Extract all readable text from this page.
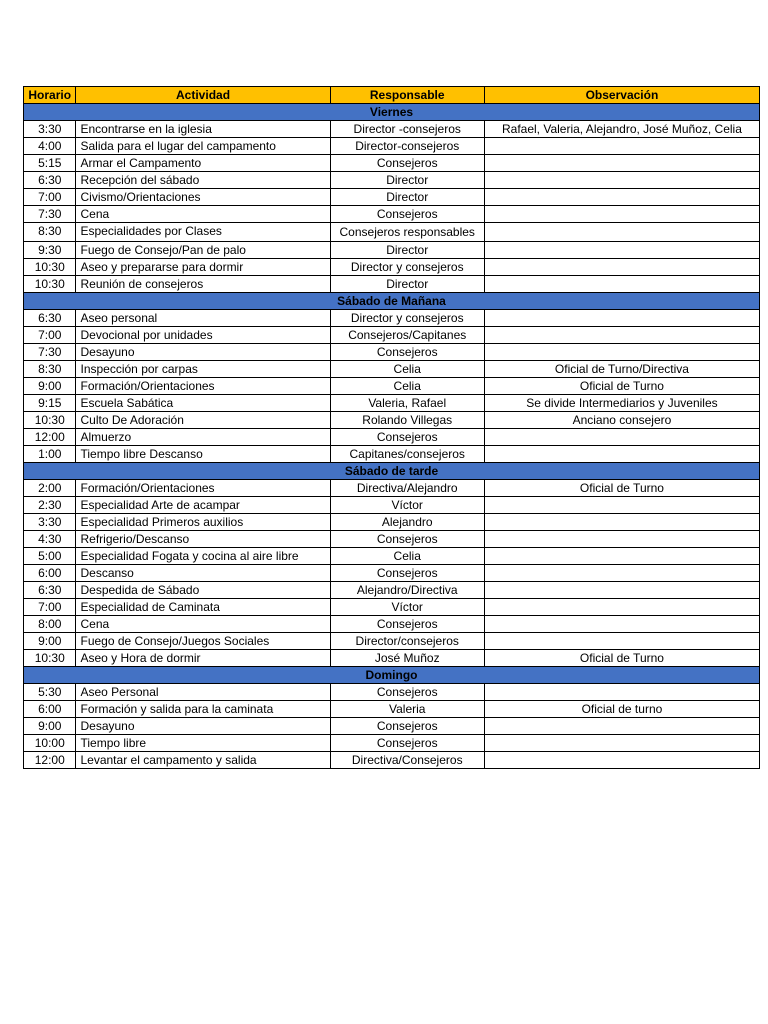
Horario	Actividad	Responsable	Observación
Viernes			
3:30	Encontrarse en la iglesia	Director -consejeros	Rafael, Valeria, Alejandro, José Muñoz, Celia
4:00	Salida para el lugar del campamento	Director-consejeros	
5:15	Armar el Campamento	Consejeros	
6:30	Recepción del sábado	Director	
7:00	Civismo/Orientaciones	Director	
7:30	Cena	Consejeros	
8:30	Especialidades por Clases	Consejeros responsables	
9:30	Fuego de Consejo/Pan de palo	Director	
10:30	Aseo y prepararse para dormir	Director y consejeros	
10:30	Reunión de consejeros	Director	
Sábado de Mañana			
6:30	Aseo personal	Director y consejeros	
7:00	Devocional por unidades	Consejeros/Capitanes	
7:30	Desayuno	Consejeros	
8:30	Inspección por carpas	Celia	Oficial de Turno/Directiva
9:00	Formación/Orientaciones	Celia	Oficial de Turno
9:15	Escuela Sabática	Valeria, Rafael	Se divide Intermediarios y Juveniles
10:30	Culto De Adoración	Rolando Villegas	Anciano consejero
12:00	Almuerzo	Consejeros	
1:00	Tiempo libre Descanso	Capitanes/consejeros	
Sábado de tarde			
2:00	Formación/Orientaciones	Directiva/Alejandro	Oficial de Turno
2:30	Especialidad Arte de acampar	Víctor	
3:30	Especialidad Primeros auxilios	Alejandro	
4:30	Refrigerio/Descanso	Consejeros	
5:00	Especialidad Fogata y cocina al aire libre	Celia	
6:00	Descanso	Consejeros	
6:30	Despedida de Sábado	Alejandro/Directiva	
7:00	Especialidad de Caminata	Víctor	
8:00	Cena	Consejeros	
9:00	Fuego de Consejo/Juegos Sociales	Director/consejeros	
10:30	Aseo y Hora de dormir	José Muñoz	Oficial de Turno
Domingo			
5:30	Aseo Personal	Consejeros	
6:00	Formación y salida para la caminata	Valeria	Oficial de turno
9:00	Desayuno	Consejeros	
10:00	Tiempo libre	Consejeros	
12:00	Levantar el campamento y salida	Directiva/Consejeros	
